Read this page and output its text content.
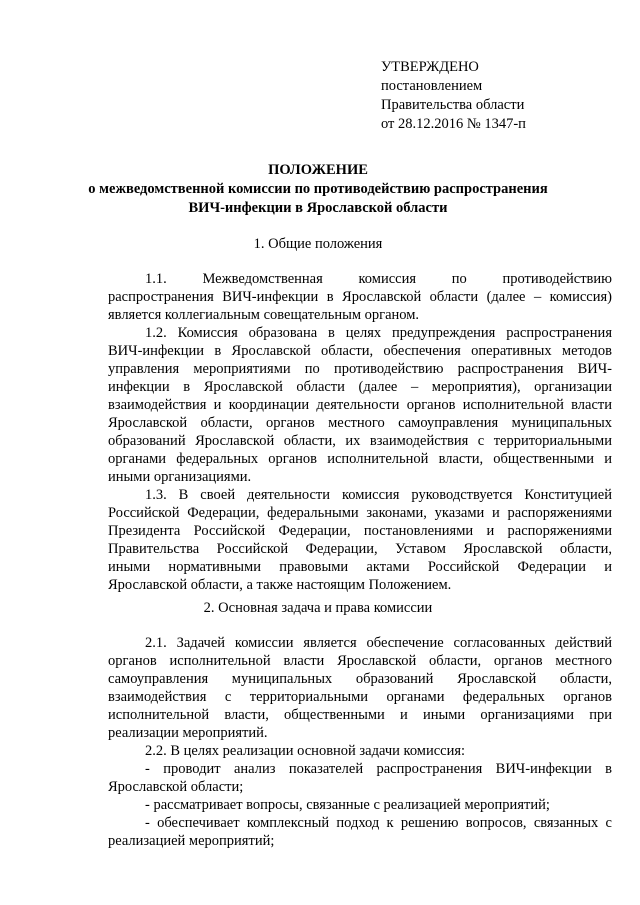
УТВЕРЖДЕНО
постановлением
Правительства области
от 28.12.2016 № 1347-п
ПОЛОЖЕНИЕ
о межведомственной комиссии по противодействию распространения
ВИЧ-инфекции в Ярославской области
1. Общие положения
1.1. Межведомственная комиссия по противодействию
распространения ВИЧ-инфекции в Ярославской области (далее – комиссия)
является коллегиальным совещательным органом.
1.2. Комиссия образована в целях предупреждения распространения
ВИЧ-инфекции в Ярославской области, обеспечения оперативных методов
управления мероприятиями по противодействию распространения ВИЧ-
инфекции в Ярославской области (далее – мероприятия), организации
взаимодействия и координации деятельности органов исполнительной власти
Ярославской области, органов местного самоуправления муниципальных
образований Ярославской области, их взаимодействия с территориальными
органами федеральных органов исполнительной власти, общественными и
иными организациями.
1.3. В своей деятельности комиссия руководствуется Конституцией
Российской Федерации, федеральными законами, указами и распоряжениями
Президента Российской Федерации, постановлениями и распоряжениями
Правительства Российской Федерации, Уставом Ярославской области,
иными нормативными правовыми актами Российской Федерации и
Ярославской области, а также настоящим Положением.
2. Основная задача и права комиссии
2.1. Задачей комиссии является обеспечение согласованных действий
органов исполнительной власти Ярославской области, органов местного
самоуправления муниципальных образований Ярославской области,
взаимодействия с территориальными органами федеральных органов
исполнительной власти, общественными и иными организациями при
реализации мероприятий.
2.2. В целях реализации основной задачи комиссия:
- проводит анализ показателей распространения ВИЧ-инфекции в
Ярославской области;
- рассматривает вопросы, связанные с реализацией мероприятий;
- обеспечивает комплексный подход к решению вопросов, связанных с
реализацией мероприятий;
